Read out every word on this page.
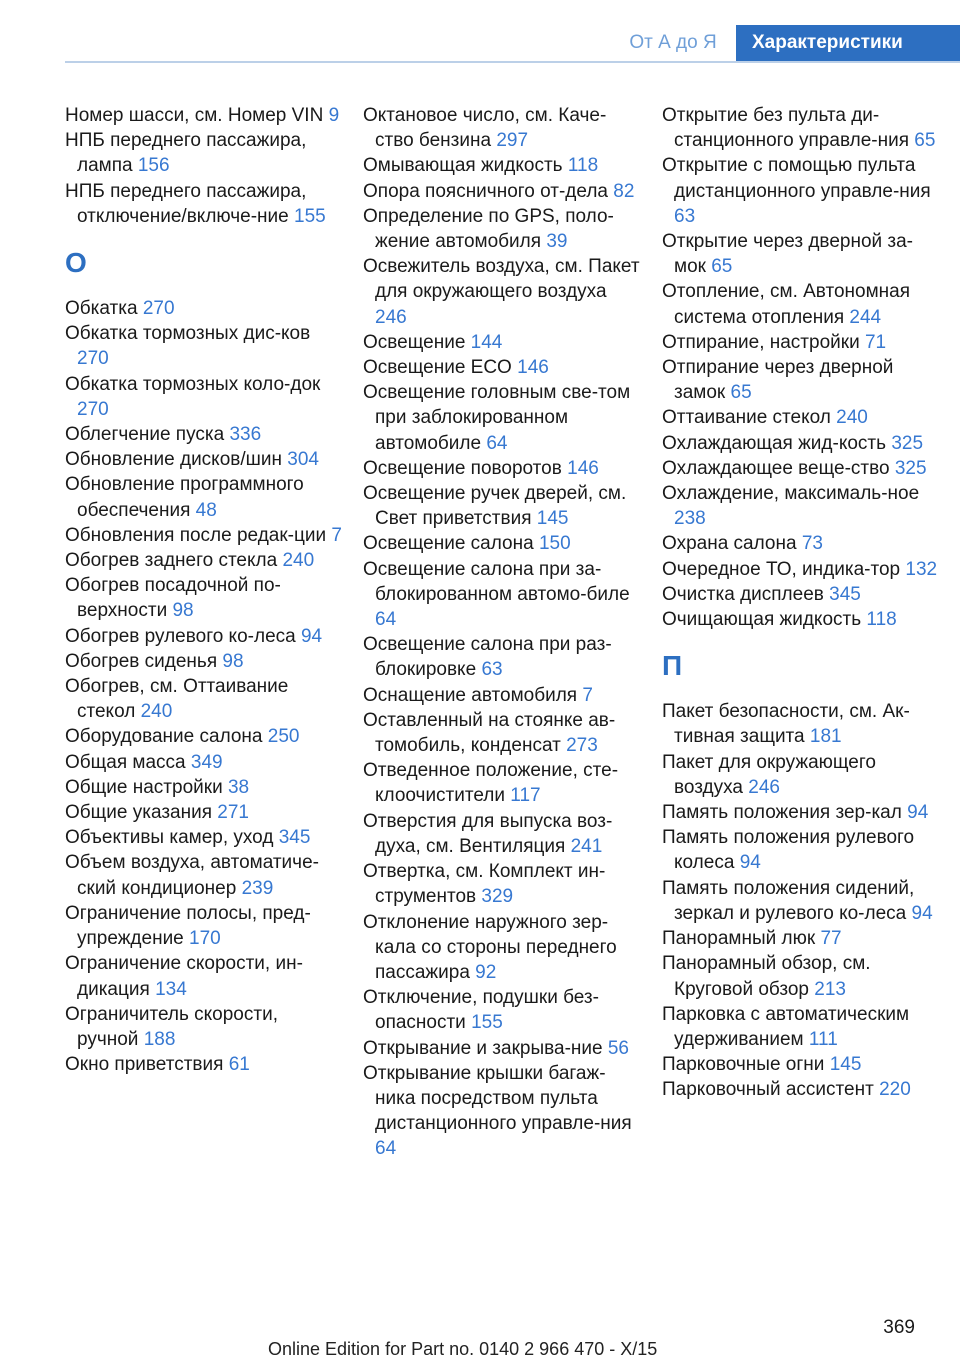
От А до Я	Характеристики
Номер шасси, см. Номер VIN 9
НПБ переднего пассажира, лампа 156
НПБ переднего пассажира, отключение/включе-ние 155
О
Обкатка 270
Обкатка тормозных дис-ков 270
Обкатка тормозных коло-док 270
Облегчение пуска 336
Обновление дисков/шин 304
Обновление программного обеспечения 48
Обновления после редак-ции 7
Обогрев заднего стекла 240
Обогрев посадочной по-верхности 98
Обогрев рулевого ко-леса 94
Обогрев сиденья 98
Обогрев, см. Оттаивание стекол 240
Оборудование салона 250
Общая масса 349
Общие настройки 38
Общие указания 271
Объективы камер, уход 345
Объем воздуха, автоматиче-ский кондиционер 239
Ограничение полосы, пред-упреждение 170
Ограничение скорости, ин-дикация 134
Ограничитель скорости, ручной 188
Окно приветствия 61
Октановое число, см. Каче-ство бензина 297
Омывающая жидкость 118
Опора поясничного от-дела 82
Определение по GPS, поло-жение автомобиля 39
Освежитель воздуха, см. Пакет для окружающего воздуха 246
Освещение 144
Освещение ECO 146
Освещение головным све-том при заблокированном автомобиле 64
Освещение поворотов 146
Освещение ручек дверей, см. Свет приветствия 145
Освещение салона 150
Освещение салона при за-блокированном автомо-биле 64
Освещение салона при раз-блокировке 63
Оснащение автомобиля 7
Оставленный на стоянке ав-томобиль, конденсат 273
Отведенное положение, сте-клоочистители 117
Отверстия для выпуска воз-духа, см. Вентиляция 241
Отвертка, см. Комплект ин-струментов 329
Отклонение наружного зер-кала со стороны переднего пассажира 92
Отключение, подушки без-опасности 155
Открывание и закрыва-ние 56
Открывание крышки багаж-ника посредством пульта дистанционного управле-ния 64
Открытие без пульта ди-станционного управле-ния 65
Открытие с помощью пульта дистанционного управле-ния 63
Открытие через дверной за-мок 65
Отопление, см. Автономная система отопления 244
Отпирание, настройки 71
Отпирание через дверной замок 65
Оттаивание стекол 240
Охлаждающая жид-кость 325
Охлаждающее веще-ство 325
Охлаждение, максималь-ное 238
Охрана салона 73
Очередное ТО, индика-тор 132
Очистка дисплеев 345
Очищающая жидкость 118
П
Пакет безопасности, см. Ак-тивная защита 181
Пакет для окружающего воздуха 246
Память положения зер-кал 94
Память положения рулевого колеса 94
Память положения сидений, зеркал и рулевого ко-леса 94
Панорамный люк 77
Панорамный обзор, см. Круговой обзор 213
Парковка с автоматическим удерживанием 111
Парковочные огни 145
Парковочный ассистент 220
369
Online Edition for Part no. 0140 2 966 470 - X/15
